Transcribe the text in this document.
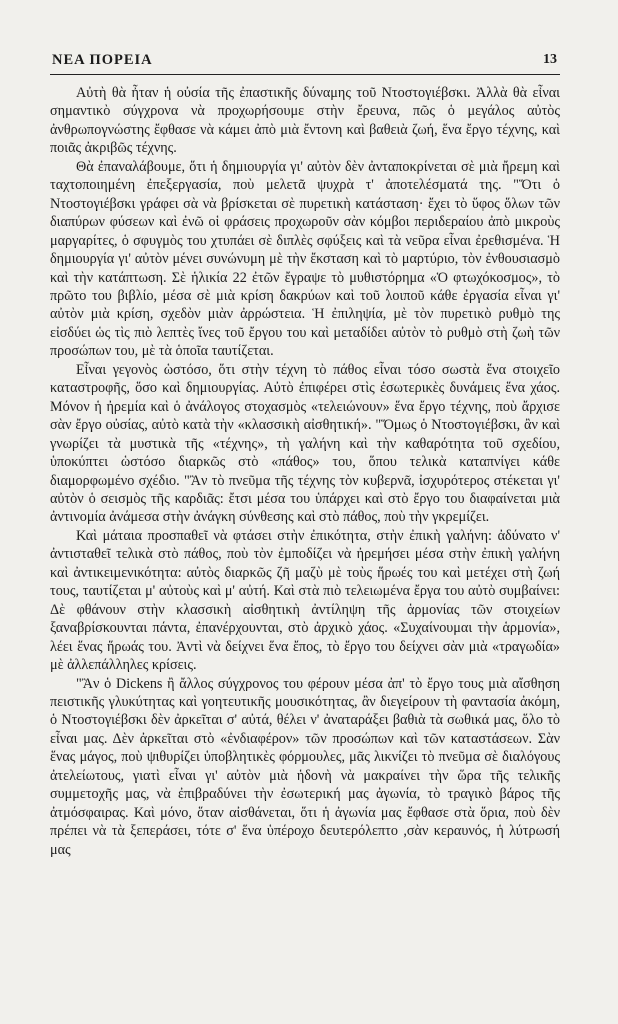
ΝΕΑ ΠΟΡΕΙΑ	13

Αὐτὴ θὰ ἦταν ἡ οὐσία τῆς ἐπαστικῆς δύναμης τοῦ Ντοστογιέβσκι. Ἀλλὰ θὰ εἶναι σημαντικὸ σύγχρονα νὰ προχωρήσουμε στὴν ἔρευνα, πῶς ὁ μεγάλος αὐτὸς ἀνθρωπογνώστης ἔφθασε νὰ κάμει ἀπὸ μιὰ ἔντονη καὶ βαθειὰ ζωή, ἕνα ἔργο τέχνης, καὶ ποιᾶς ἀκριβῶς τέχνης.

Θὰ ἐπαναλάβουμε, ὅτι ἡ δημιουργία γι' αὐτὸν δὲν ἀνταποκρίνεται σὲ μιὰ ἤρεμη καὶ ταχτοποιημένη ἐπεξεργασία, ποὺ μελετᾶ ψυχρὰ τ' ἀποτελέσματά της. "Ὅτι ὁ Ντοστογιέβσκι γράφει σὰ νὰ βρίσκεται σὲ πυρετικὴ κατάσταση· ἔχει τὸ ὕφος ὅλων τῶν διαπύρων φύσεων καὶ ἐνῶ οἱ φράσεις προχωροῦν σὰν κόμβοι περιδεραίου ἀπὸ μικροὺς μαργαρίτες, ὁ σφυγμὸς του χτυπάει σὲ διπλὲς σφύξεις καὶ τὰ νεῦρα εἶναι ἐρεθισμένα. Ἡ δημιουργία γι' αὐτὸν μένει συνώνυμη μὲ τὴν ἔκσταση καὶ τὸ μαρτύριο, τὸν ἐνθουσιασμὸ καὶ τὴν κατάπτωση. Σὲ ἡλικία 22 ἐτῶν ἔγραψε τὸ μυθιστόρημα «Ὁ φτωχόκοσμος», τὸ πρῶτο του βιβλίο, μέσα σὲ μιὰ κρίση δακρύων καὶ τοῦ λοιποῦ κάθε ἐργασία εἶναι γι' αὐτὸν μιὰ κρίση, σχεδὸν μιὰν ἀρρώστεια. Ἡ ἐπιληψία, μὲ τὸν πυρετικὸ ρυθμὸ της εἰσδύει ὡς τὶς πιὸ λεπτὲς ἴνες τοῦ ἔργου του καὶ μεταδίδει αὐτὸν τὸ ρυθμὸ στὴ ζωὴ τῶν προσώπων του, μὲ τὰ ὁποῖα ταυτίζεται.

Εἶναι γεγονὸς ὡστόσο, ὅτι στὴν τέχνη τὸ πάθος εἶναι τόσο σωστὰ ἕνα στοιχεῖο καταστροφῆς, ὅσο καὶ δημιουργίας. Αὐτὸ ἐπιφέρει στὶς ἐσωτερικὲς δυνάμεις ἕνα χάος. Μόνον ἡ ἠρεμία καὶ ὁ ἀνάλογος στοχασμὸς «τελειώνουν» ἕνα ἔργο τέχνης, ποὺ ἄρχισε σὰν ἔργο οὐσίας, αὐτὸ κατὰ τὴν «κλασσικὴ αἰσθητική». "Ὅμως ὁ Ντοστογιέβσκι, ἂν καὶ γνωρίζει τὰ μυστικὰ τῆς «τέχνης», τὴ γαλήνη καὶ τὴν καθαρότητα τοῦ σχεδίου, ὑποκύπτει ὡστόσο διαρκῶς στὸ «πάθος» του, ὅπου τελικὰ καταπνίγει κάθε διαμορφωμένο σχέδιο. "Ἂν τὸ πνεῦμα τῆς τέχνης τὸν κυβερνᾶ, ἰσχυρότερος στέκεται γι' αὐτὸν ὁ σεισμὸς τῆς καρδιᾶς: ἔτσι μέσα του ὑπάρχει καὶ στὸ ἔργο του διαφαίνεται μιὰ ἀντινομία ἀνάμεσα στὴν ἀνάγκη σύνθεσης καὶ στὸ πάθος, ποὺ τὴν γκρεμίζει.

Καὶ μάταια προσπαθεῖ νὰ φτάσει στὴν ἐπικότητα, στὴν ἐπικὴ γαλήνη: ἀδύνατο ν' ἀντισταθεῖ τελικὰ στὸ πάθος, ποὺ τὸν ἐμποδίζει νὰ ἠρεμήσει μέσα στὴν ἐπικὴ γαλήνη καὶ ἀντικειμενικότητα: αὐτὸς διαρκῶς ζῆ μαζὺ μὲ τοὺς ἥρωές του καὶ μετέχει στὴ ζωή τους, ταυτίζεται μ' αὐτοὺς καὶ μ' αὐτή. Καὶ στὰ πιὸ τελειωμένα ἔργα του αὐτὸ συμβαίνει: Δὲ φθάνουν στὴν κλασσικὴ αἰσθητικὴ ἀντίληψη τῆς ἁρμονίας τῶν στοιχείων ξαναβρίσκουνται πάντα, ἐπανέρχουνται, στὸ ἀρχικὸ χάος. «Συχαίνουμαι τὴν ἁρμονία», λέει ἕνας ἥρωάς του. Ἀντὶ νὰ δείχνει ἕνα ἔπος, τὸ ἔργο του δείχνει σὰν μιὰ «τραγωδία» μὲ ἀλλεπάλληλες κρίσεις.

"Ἂν ὁ Dickens ἢ ἄλλος σύγχρονος του φέρουν μέσα ἀπ' τὸ ἔργο τους μιὰ αἴσθηση πειστικῆς γλυκύτητας καὶ γοητευτικῆς μουσικότητας, ἂν διεγείρουν τὴ φαντασία ἀκόμη, ὁ Ντοστογιέβσκι δὲν ἀρκεῖται σ' αὐτά, θέλει ν' ἀναταράξει βαθιὰ τὰ σωθικά μας, ὅλο τὸ εἶναι μας. Δὲν ἀρκεῖται στὸ «ἐνδιαφέρον» τῶν προσώπων καὶ τῶν καταστάσεων. Σὰν ἕνας μάγος, ποὺ ψιθυρίζει ὑποβλητικὲς φόρμουλες, μᾶς λικνίζει τὸ πνεῦμα σὲ διαλόγους ἀτελείωτους, γιατὶ εἶναι γι' αὐτὸν μιὰ ἡδονὴ νὰ μακραίνει τὴν ὥρα τῆς τελικῆς συμμετοχῆς μας, νὰ ἐπιβραδύνει τὴν ἐσωτερική μας ἀγωνία, τὸ τραγικὸ βάρος τῆς ἀτμόσφαιρας. Καὶ μόνο, ὅταν αἰσθάνεται, ὅτι ἡ ἀγωνία μας ἔφθασε στὰ ὅρια, ποὺ δὲν πρέπει νὰ τὰ ξεπεράσει, τότε σ' ἕνα ὑπέροχο δευτερόλεπτο ,σὰν κεραυνός, ἡ λύτρωσή μας
